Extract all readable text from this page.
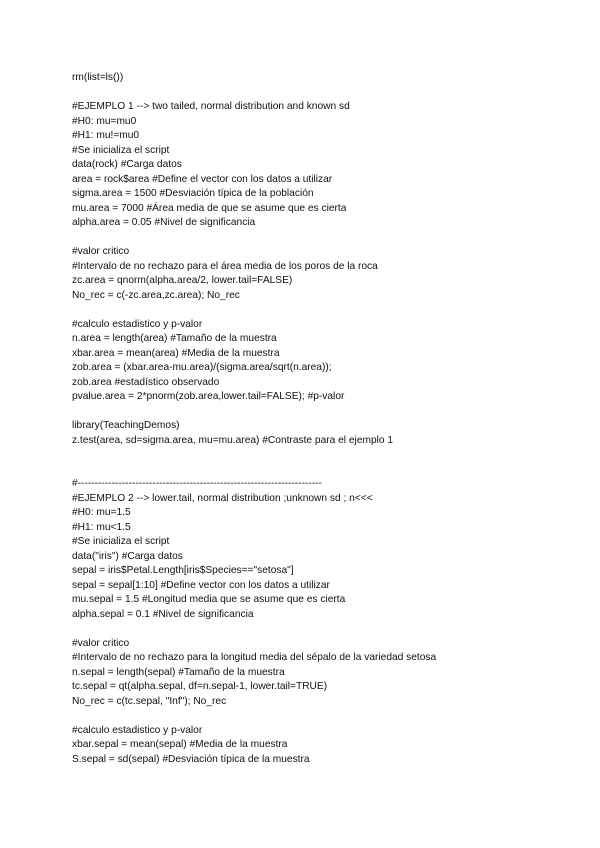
rm(list=ls())
#EJEMPLO 1 --> two tailed, normal distribution and known sd
#H0: mu=mu0
#H1: mu!=mu0
#Se inicializa el script
data(rock) #Carga datos
area = rock$area #Define el vector con los datos a utilizar
sigma.area = 1500 #Desviación típica de la población
mu.area = 7000 #Área media de que se asume que es cierta
alpha.area = 0.05 #Nivel de significancia
#valor critico
#Intervalo de no rechazo para el área media de los poros de la roca
zc.area = qnorm(alpha.area/2, lower.tail=FALSE)
No_rec = c(-zc.area,zc.area); No_rec
#calculo estadistico y p-valor
n.area = length(area) #Tamaño de la muestra
xbar.area = mean(area) #Media de la muestra
zob.area = (xbar.area-mu.area)/(sigma.area/sqrt(n.area));
zob.area #estadístico observado
pvalue.area = 2*pnorm(zob.area,lower.tail=FALSE); #p-valor
library(TeachingDemos)
z.test(area, sd=sigma.area, mu=mu.area) #Contraste para el ejemplo 1
#------------------------------------------------------------------------
#EJEMPLO 2 --> lower.tail, normal distribution ;unknown sd ; n<<<
#H0: mu=1.5
#H1: mu<1.5
#Se inicializa el script
data("iris") #Carga datos
sepal = iris$Petal.Length[iris$Species=="setosa"]
sepal = sepal[1:10] #Define vector con los datos a utilizar
mu.sepal = 1.5 #Longitud media que se asume que es cierta
alpha.sepal = 0.1 #Nivel de significancia
#valor critico
#Intervalo de no rechazo para la longitud media del sépalo de la variedad setosa
n.sepal = length(sepal) #Tamaño de la muestra
tc.sepal = qt(alpha.sepal, df=n.sepal-1, lower.tail=TRUE)
No_rec = c(tc.sepal, "Inf"); No_rec
#calculo estadistico y p-valor
xbar.sepal = mean(sepal) #Media de la muestra
S.sepal = sd(sepal) #Desviación típica de la muestra
